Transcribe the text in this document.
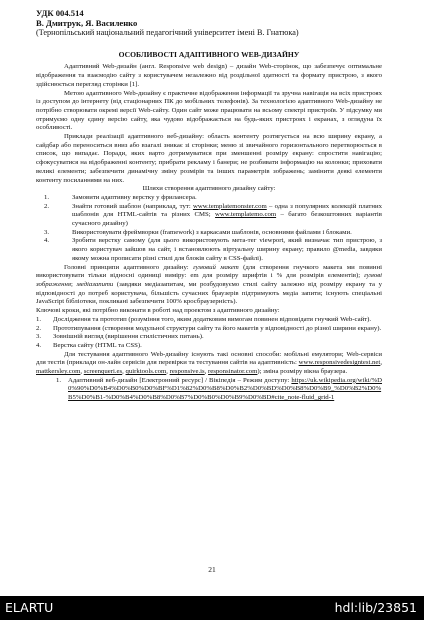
УДК 004.514

В. Дмитрук, Я. Василенко

(Тернопільський національний педагогічний університет імені В. Гнатюка)

ОСОБЛИВОСТІ АДАПТИВНОГО WEB-ДИЗАЙНУ

Адаптивний Web-дизайн (англ. Responsive web design) – дизайн Web-сторінок, що забезпечує оптимальне відображення та взаємодію сайту з користувачем незалежно від роздільної здатності та формату пристрою, з якого здійснюється перегляд сторінки [1].

Метою адаптивного Web-дизайну є практичне відображення інформації та зручна навігація на всіх пристроях із доступом до інтернету (від стаціонарних ПК до мобільних телефонів). За технологією адаптивного Web-дизайну не потрібно створювати окремі версії Web-сайту. Один сайт може працювати на всьому спектрі пристроїв. У підсумку ми отримуємо одну єдину версію сайту, яка чудово відображається на будь-яких пристроях і екранах, з оглядуна їх особливості.

Приклади реалізації адаптивного веб-дизайну: область контенту розтягується на всю ширину екрану, а сайдбар або переноситься вниз або взагалі зникає зі сторінки; меню зі звичайного горизонтального перетворюється в список, що випадає. Поради, яких варто дотримуватися при зменшенні розміру екрану: спростити навігацію; сфокусуватися на відображенні контенту; прибрати рекламу і банери; не розбивати інформацію на колонки; приховати великі елементи; забезпечити динамічну зміну розмірів та інших параметрів зображень; замінити деякі елементи контенту посиланнями на них.

Шляхи створення адаптивного дизайну сайту:

1.	Замовити адаптивну верстку у фрилансера.
2.	Знайти готовий шаблон (наприклад, тут: www.templatemonster.com – одна з популярних колекцій платних шаблонів для HTML-сайтів та різних CMS; www.templatemo.com – багато безкоштовних варіантів сучасного дизайну)
3.	Використовувати фреймворки (framework) з каркасами шаблонів, основними файлами і блоками.
4.	Зробити верстку самому (для цього використовують мета-тег viewport, який визначає тип пристрою, з якого користувач зайшов на сайт, і встановлюють віртуальну ширину екрану; правило @media, завдяки якому можна прописати різні стилі для блоків сайту в CSS-файлі).

Головні принципи адаптивного дизайну: гумовий макет (для створення гнучкого макета ми повинні використовувати тільки відносні одиниці виміру: em для розміру шрифтів і % для розмірів елементів); гумові зображення; медіазапити (завдяки медіазапитам, ми розбудовуємо стилі сайту залежно від розміру екрану та у відповідності до потреб користувача, більшість сучасних браузерів підтримують медіа запити; існують спеціальні JavaScript бібліотеки, покликані забезпечити 100% кросбраузерність).

Ключові кроки, які потрібно виконати в роботі над проектом з адаптивного дизайну:

1.	Дослідження та прототип (розуміння того, яким додатковим вимогам повинен відповідати гнучкий Web-сайт).
2.	Прототипування (створення модульної структури сайту та його макетів у відповідності до різної ширини екрану).
3.	Зовнішній вигляд (вирішення стилістичних питань).
4.	Верстка сайту (HTML та CSS).

Для тестування адаптивного Web-дизайну існують такі основні способи: мобільні емулятори; Web-сервіси для тестів (приклади он-лайн сервісів для перевірки та тестування сайтів на адаптивність: www.responsivedesigntest.net, mattkersley.com, screenqueri.es, quirktools.com, responsive.is, responsinator.com); зміна розміру вікна браузера.

1.	Адаптивний веб-дизайн [Електронний ресурс] / Вікіпедія – Режим доступу: https://uk.wikipedia.org/wiki/%D0%90%D0%B4%D0%B0%D0%BF%D1%82%D0%B8%D0%B2%D0%BD%D0%B8%D0%B9_%D0%B2%D0%B5%D0%B1-%D0%B4%D0%B8%D0%B7%D0%B0%D0%B9%D0%BD#cite_note-fluid_grid-1
21
ELARTU	hdl:lib/23851
